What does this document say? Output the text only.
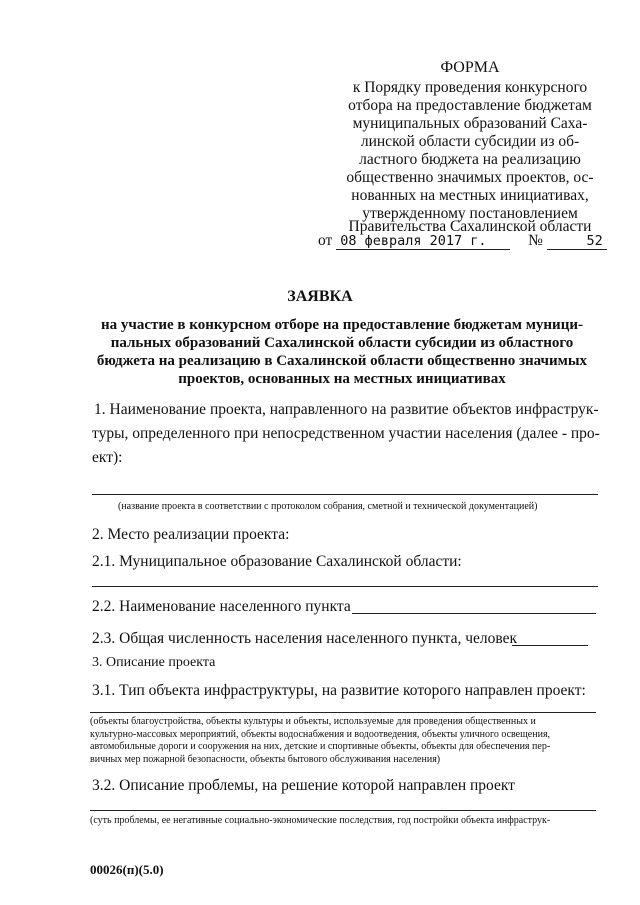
ФОРМА
к Порядку проведения конкурсного
отбора на предоставление бюджетам
муниципальных образований Саха-
линской области субсидии из об-
ластного бюджета на реализацию
общественно значимых проектов, ос-
нованных на местных инициативах,
утвержденному постановлением
Правительства Сахалинской области
от 08 февраля 2017 г.	№	52
ЗАЯВКА
на участие в конкурсном отборе на предоставление бюджетам муници-
пальных образований Сахалинской области субсидии из областного
бюджета на реализацию в Сахалинской области общественно значимых
проектов, основанных на местных инициативах
1. Наименование проекта, направленного на развитие объектов инфраструк-
туры, определенного при непосредственном участии населения (далее - про-
ект):
(название проекта в соответствии с протоколом собрания, сметной и технической документацией)
2. Место реализации проекта:
2.1. Муниципальное образование Сахалинской области:
2.2. Наименование населенного пункта
2.3. Общая численность населения населенного пункта, человек
3. Описание проекта
3.1. Тип объекта инфраструктуры, на развитие которого направлен проект:
(объекты благоустройства, объекты культуры и объекты, используемые для проведения общественных и
культурно-массовых мероприятий, объекты водоснабжения и водоотведения, объекты уличного освещения,
автомобильные дороги и сооружения на них, детские и спортивные объекты, объекты для обеспечения пер-
вичных мер пожарной безопасности, объекты бытового обслуживания населения)
3.2. Описание проблемы, на решение которой направлен проект
(суть проблемы, ее негативные социально-экономические последствия, год постройки объекта инфраструк-
00026(п)(5.0)
